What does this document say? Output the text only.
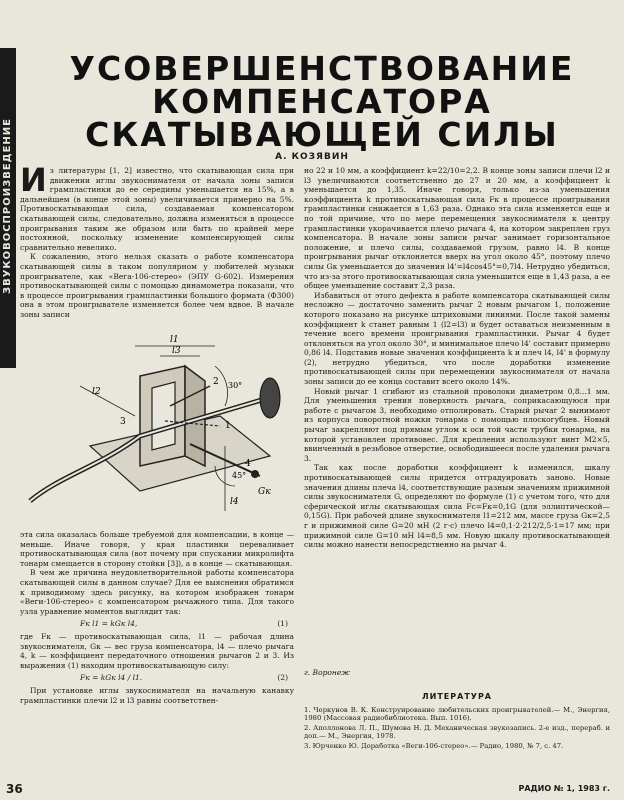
ЗВУКОВОСПРОИЗВЕДЕНИЕ
УСОВЕРШЕНСТВОВАНИЕ
КОМПЕНСАТОРА
СКАТЫВАЮЩЕЙ СИЛЫ
А. КОЗЯВИН

Из литературы [1, 2] известно, что скатывающая сила при движении иглы звукоснимателя от начала зоны записи грампластинки до ее середины уменьшается на 15%, а в дальнейшем (в конце этой зоны) увеличивается примерно на 5%. Противоскатывающая сила, создаваемая компенсатором скатывающей силы, следовательно, должна изменяться в процессе проигрывания таким же образом или быть по крайней мере постоянной, поскольку изменение компенсирующей силы сравнительно невелико.

К сожалению, этого нельзя сказать о работе компенсатора скатывающей силы в таком популярном у любителей музыки проигрывателе, как «Вега-106-стерео» (ЭПУ G-602). Измерения противоскатывающей силы с помощью динамометра показали, что в процессе проигрывания грампластинки большого формата (Ф300) она в этом проигрывателе изменяется более чем вдвое. В начале зоны записи

l1
l3
l2
l4
1
2
3
4
Gк
30°
45°

эта сила оказалась больше требуемой для компенсации, в конце — меньше. Иначе говоря, у края пластинки переваливает противоскатывающая сила (вот почему при спускании микролифта тонарм смещается в сторону стойки [3]), а в конце — скатывающая.

В чем же причина неудовлетворительной работы компенсатора скатывающей силы в данном случае? Для ее выяснения обратимся к приводимому здесь рисунку, на котором изображен тонарм «Веги-106-стерео» с компенсатором рычажного типа. Для такого узла уравнение моментов выглядит так:

Fк l1 = kGк l4,	(1)

где Fк — противоскатывающая сила, l1 — рабочая длина звукоснимателя, Gк — вес груза компенсатора, l4 — плечо рычага 4, k — коэффициент передаточного отношения рычагов 2 и 3. Из выражения (1) находим противоскатывающую силу:

Fк = kGк l4 / l1.	(2)

При установке иглы звукоснимателя на начальную канавку грампластинки плечи l2 и l3 равны соответствен-

но 22 и 10 мм, а коэффициент k=22/10=2,2. В конце зоны записи плечи l2 и l3 увеличиваются соответственно до 27 и 20 мм, а коэффициент k уменьшается до 1,35. Иначе говоря, только из-за уменьшения коэффициента k противоскатывающая сила Fк в процессе проигрывания грампластинки снижается в 1,63 раза. Однако эта сила изменяется еще и по той причине, что по мере перемещения звукоснимателя к центру грампластинки укорачивается плечо рычага 4, на котором закреплен груз компенсатора. В начале зоны записи рычаг занимает горизонтальное положение, и плечо силы, создаваемой грузом, равно l4. В конце проигрывания рычаг отклоняется вверх на угол около 45°, поэтому плечо силы Gк уменьшается до значения l4'=l4cos45°=0,7l4. Нетрудно убедиться, что из-за этого противоскатывающая сила уменьшится еще в 1,43 раза, а ее общее уменьшение составит 2,3 раза.

Избавиться от этого дефекта в работе компенсатора скатывающей силы несложно — достаточно заменить рычаг 2 новым рычагом 1, положение которого показано на рисунке штриховыми линиями. После такой замены коэффициент k станет равным 1 (l2=l3) и будет оставаться неизменным в течение всего времени проигрывания грампластинки. Рычаг 4 будет отклоняться на угол около 30°, и минимальное плечо l4' составит примерно 0,86 l4. Подставив новые значения коэффициента k и плеч l4, l4' в формулу (2), нетрудно убедиться, что после доработки изменение противоскатывающей силы при перемещении звукоснимателя от начала зоны записи до ее конца составит всего около 14%.

Новый рычаг 1 сгибают из стальной проволоки диаметром 0,8...1 мм. Для уменьшения трения поверхность рычага, соприкасающуюся при работе с рычагом 3, необходимо отполировать. Старый рычаг 2 вынимают из корпуса поворотной ножки тонарма с помощью плоскогубцев. Новый рычаг закрепляют под прямым углом к оси той части трубки тонарма, на которой установлен противовес. Для крепления используют винт M2×5, ввинченный в резьбовое отверстие, освободившееся после удаления рычага 3.

Так как после доработки коэффициент k изменился, шкалу противоскатывающей силы придется отградуировать заново. Новые значения длины плеча l4, соответствующие разным значениям прижимной силы звукоснимателя G, определяют по формуле (1) с учетом того, что для сферической иглы скатывающая сила Fс=Fк=0,1G (для эллиптической—0,15G). При рабочей длине звукоснимателя l1=212 мм, массе груза Gк=2,5 г и прижимной силе G=20 мН (2 г·с) плечо l4=0,1·2·212/2,5·1=17 мм; при прижимной силе G=10 мН l4=8,5 мм. Новую шкалу противоскатывающей силы можно нанести непосредственно на рычаг 4.

г. Воронеж
ЛИТЕРАТУРА
1. Черкунов В. К. Конструирование любительских проигрывателей.— М., Энергия, 1980 (Массовая радиобиблиотека. Вып. 1016).
2. Аполлонова Л. П., Шумова Н. Д. Механическая звукозапись. 2-е изд., перераб. и доп.— М., Энергия, 1978.
3. Юрченко Ю. Доработка «Веги-106-стерео».— Радио, 1980, № 7, с. 47.
36	РАДИО № 1, 1983 г.
